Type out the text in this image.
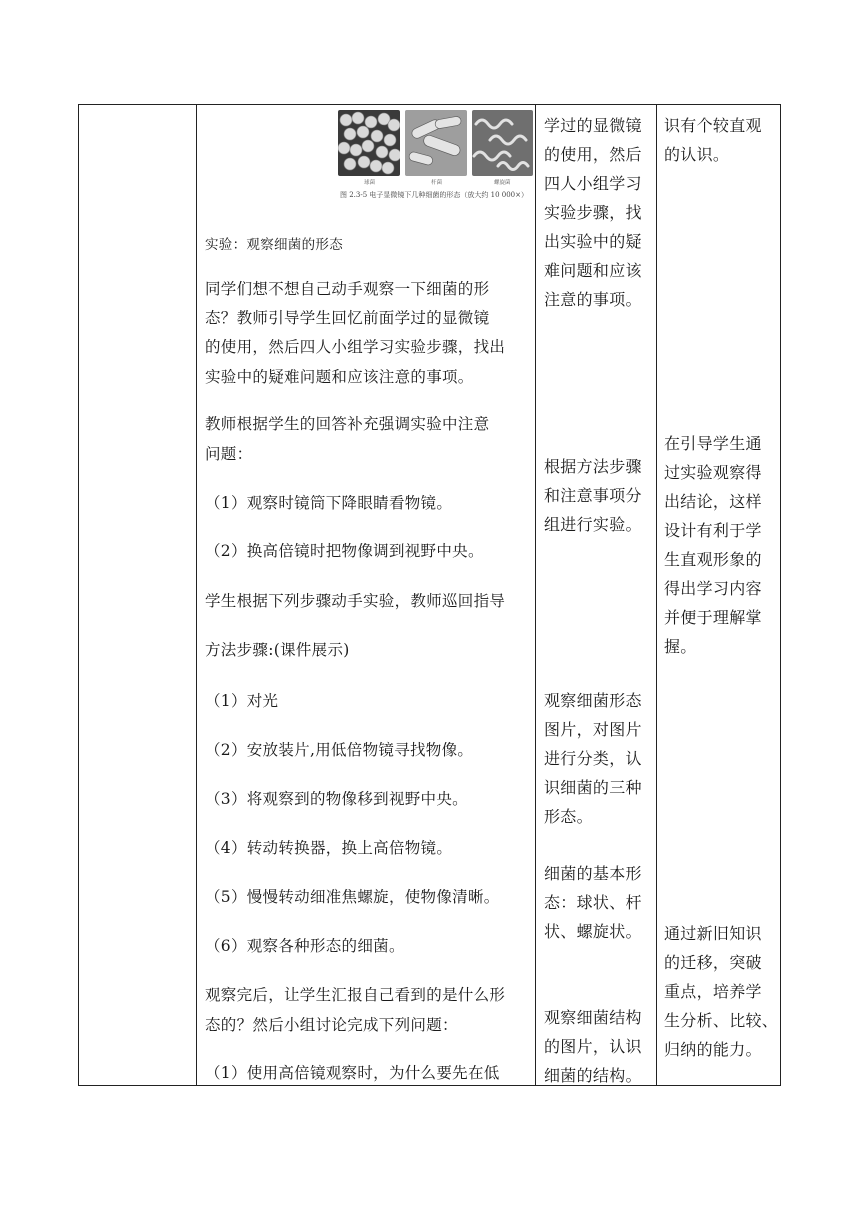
球菌	杆菌	螺旋菌
图 2.3-5 电子显微镜下几种细菌的形态（放大约 10 000×）
实验：观察细菌的形态
同学们想不想自己动手观察一下细菌的形
态？教师引导学生回忆前面学过的显微镜
的使用，然后四人小组学习实验步骤，找出
实验中的疑难问题和应该注意的事项。
教师根据学生的回答补充强调实验中注意
问题：
（1）观察时镜筒下降眼睛看物镜。
（2）换高倍镜时把物像调到视野中央。
学生根据下列步骤动手实验，教师巡回指导
方法步骤:(课件展示)
（1）对光
（2）安放装片,用低倍物镜寻找物像。
（3）将观察到的物像移到视野中央。
（4）转动转换器，换上高倍物镜。
（5）慢慢转动细准焦螺旋，使物像清晰。
（6）观察各种形态的细菌。
观察完后，让学生汇报自己看到的是什么形
态的？然后小组讨论完成下列问题：
（1）使用高倍镜观察时，为什么要先在低
学过的显微镜
的使用，然后
四人小组学习
实验步骤，找
出实验中的疑
难问题和应该
注意的事项。
根据方法步骤
和注意事项分
组进行实验。
观察细菌形态
图片，对图片
进行分类，认
识细菌的三种
形态。
细菌的基本形
态：球状、杆
状、螺旋状。
观察细菌结构
的图片，认识
细菌的结构。
识有个较直观
的认识。
在引导学生通
过实验观察得
出结论，这样
设计有利于学
生直观形象的
得出学习内容
并便于理解掌
握。
通过新旧知识
的迁移，突破
重点，培养学
生分析、比较、
归纳的能力。
